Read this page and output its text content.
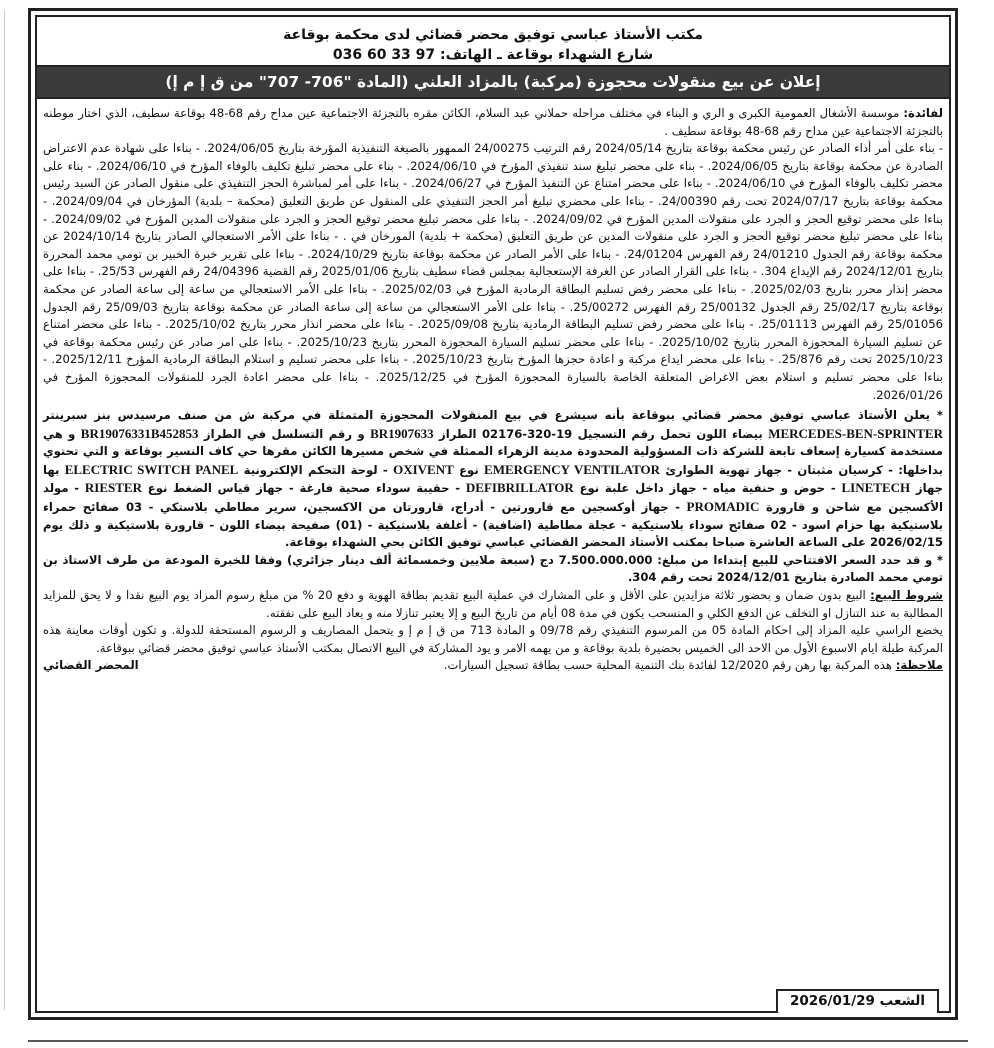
مكتب الأستاذ عباسي توفيق محضر قضائي لدى محكمة بوقاعة
شارع الشهداء بوقاعة ـ الهاتف: 97 33 60 036
إعلان عن بيع منقولات محجوزة (مركبة) بالمزاد العلني (المادة "706- 707" من ق إ م إ)

لفائدة: موسسة الأشغال العمومية الكبرى و الري و البناء في مختلف مراحله حملاني عبد السلام، الكائن مقره بالتجزئة الاجتماعية عين مداح رقم 68-48 بوقاعة سطيف، الذي اختار موطنه بالتجزئة الاجتماعية عين مداح رقم 68-48 بوقاعة سطيف .

- بناء على أمر أداء الصادر عن رئيس محكمة بوقاعة بتاريخ 2024/05/14 رقم الترتيب 24/00275 الممهور بالصيغة التنفيذية المؤرخة بتاريخ 2024/06/05. - بناءا على شهادة عدم الاعتراض الصادرة عن محكمة بوقاعة بتاريخ 2024/06/05. - بناء على محضر تبليغ سند تنفيذي المؤرخ في 2024/06/10. - بناء على محضر تبليغ تكليف بالوفاء المؤرخ في 2024/06/10. - بناء على محضر تكليف بالوفاء المؤرخ في 2024/06/10. - بناءا على محضر امتناع عن التنفيذ المؤرخ في 2024/06/27. - بناءا على أمر لمباشرة الحجز التنفيذي على منقول الصادر عن السيد رئيس محكمة بوقاعة بتاريخ 2024/07/17 تحت رقم 24/00390. - بناءا على محضري تبليغ أمر الحجز التنفيذي على المنقول عن طريق التعليق (محكمة – بلدية) المؤرخان في 2024/09/04. - بناءا على محضر توقيع الحجز و الجرد على منقولات المدين المؤرخ في 2024/09/02. - بناءا على محضر تبليغ محضر توقيع الحجز و الجرد على منقولات المدين المؤرخ في 2024/09/02. - بناءا على محضر تبليغ محضر توقيع الحجز و الجرد على منقولات المدين عن طريق التعليق (محكمة + بلدية) المورخان في . - بناءا على الأمر الاستعجالي الصادر بتاريخ 2024/10/14 عن محكمة بوقاعة رقم الجدول 24/01210 رقم الفهرس 24/01204. - بناءا على الأمر الصادر عن محكمة بوقاعة بتاريخ 2024/10/29. - بناءا على تقرير خبرة الخبير بن تومي محمد المحررة بتاريخ 2024/12/01 رقم الإيداع 304. - بناءا على القرار الصادر عن الغرفة الإستعجالية بمجلس قضاء سطيف بتاريخ 2025/01/06 رقم القضية 24/04396 رقم الفهرس 25/53. - بناءا على محضر إنذار محرر بتاريخ 2025/02/03. - بناءا على محضر رفض تسليم البطاقة الرمادية المؤرخ في 2025/02/03. - بناءا على الأمر الاستعجالي من ساعة إلى ساعة الصادر عن محكمة بوقاعة بتاريخ 25/02/17 رقم الجدول 25/00132 رقم الفهرس 25/00272. - بناءا على الأمر الاستعجالي من ساعة إلى ساعة الصادر عن محكمة بوقاعة بتاريخ 25/09/03 رقم الجدول 25/01056 رقم الفهرس 25/01113. - بناءا على محضر رفض تسليم البطاقة الرمادية بتاريخ 2025/09/08. - بناءا على محضر انذار محرر بتاريخ 2025/10/02. - بناءا على محضر امتناع عن تسليم السيارة المحجوزة المحرر بتاريخ 2025/10/02. - بناءا على محضر تسليم السيارة المحجوزة المحرر بتاريخ 2025/10/23. - بناءا على امر صادر عن رئيس محكمة بوقاعة في 2025/10/23 تحت رقم 25/876. - بناءا على محضر ايداع مركبة و اعادة حجزها المؤرخ بتاريخ 2025/10/23. - بناءا على محضر تسليم و استلام البطاقة الرمادية المؤرخ 2025/12/11. - بناءا على محضر تسليم و استلام بعض الاغراض المتعلقة الخاصة بالسيارة المحجوزة المؤرخ في 2025/12/25. - بناءا على محضر اعادة الجرد للمنقولات المحجوزة المؤرخ في 2026/01/26.

* يعلن الأستاذ عباسي توفيق محضر قضائي ببوقاعة بأنه سيشرع في بيع المنقولات المحجوزة المتمثلة في مركبة ش من صنف مرسيدس بنز سبرينتر MERCEDES-BEN-SPRINTER بيضاء اللون تحمل رقم التسجيل 19-320-02176 الطراز BR1907633 و رقم التسلسل في الطراز BR19076331B452853 و هي مستخدمة كسيارة إسعاف تابعة للشركة ذات المسؤولية المحدودة مدينة الزهراء الممثلة في شخص مسيرها الكائن مقرها حي كاف النسير بوقاعة و التي تحتوي بداخلها: - كرسيان مثبتان - جهاز تهوية الطوارئ EMERGENCY VENTILATOR نوع OXIVENT - لوحة التحكم الإلكترونية ELECTRIC SWITCH PANEL بها جهاز LINETECH - حوض و حنفية مياه - جهاز داخل علبة نوع DEFIBRILLATOR - حقيبة سوداء صحية فارغة - جهاز قياس الضغط نوع RIESTER - مولد الأكسجين مع شاحن و قارورة PROMADIC - جهاز أوكسجين مع قارورتين - أدراج، قارورتان من الاكسجين، سرير مطاطي بلاستكي - 03 صفائح حمراء بلاستيكية بها حزام اسود - 02 صفائح سوداء بلاستيكية - عجلة مطاطية (اضافية) - أغلفة بلاستيكية - (01) صفيحة بيضاء اللون - قارورة بلاستيكية و ذلك يوم 2026/02/15 على الساعة العاشرة صباحا بمكتب الأستاذ المحضر القضائي عباسي توفيق الكائن بحي الشهداء بوقاعة.

* و قد حدد السعر الافتتاحي للبيع إبتداءا من مبلغ: 7.500.000.000 دج (سبعة ملايين وخمسمائة ألف دينار جزائري) وفقا للخبرة المودعة من طرف الاستاذ بن تومي محمد الصادرة بتاريخ 2024/12/01 تحت رقم 304.

شروط البيع: البيع بدون ضمان و بحضور ثلاثة مزايدين على الأقل و على المشارك في عملية البيع تقديم بطاقة الهوية و دفع 20 % من مبلغ رسوم المزاد يوم البيع نقدا و لا يحق للمزايد المطالبة به عند التنازل او التخلف عن الدفع الكلي و المنسحب يكون في مدة 08 أيام من تاريخ البيع و إلا يعتبر تنازلا منه و يعاد البيع على نفقته.

يخضع الراسي عليه المزاد إلى احكام المادة 05 من المرسوم التنفيذي رقم 09/78 و المادة 713 من ق إ م إ و يتحمل المصاريف و الرسوم المستحقة للدولة. و تكون أوقات معاينة هذه المركبة طيلة ايام الاسبوع الأول من الاحد الى الخميس بحضيرة بلدية بوقاعة و من يهمه الامر و يود المشاركة في البيع الاتصال بمكتب الأستاذ عباسي توفيق محضر قضائي ببوقاعة.

ملاحظة: هذه المركبة بها رهن رقم 12/2020 لفائدة بنك التنمية المحلية حسب بطاقة تسجيل السيارات.

المحضر القضائي
الشعب 2026/01/29
